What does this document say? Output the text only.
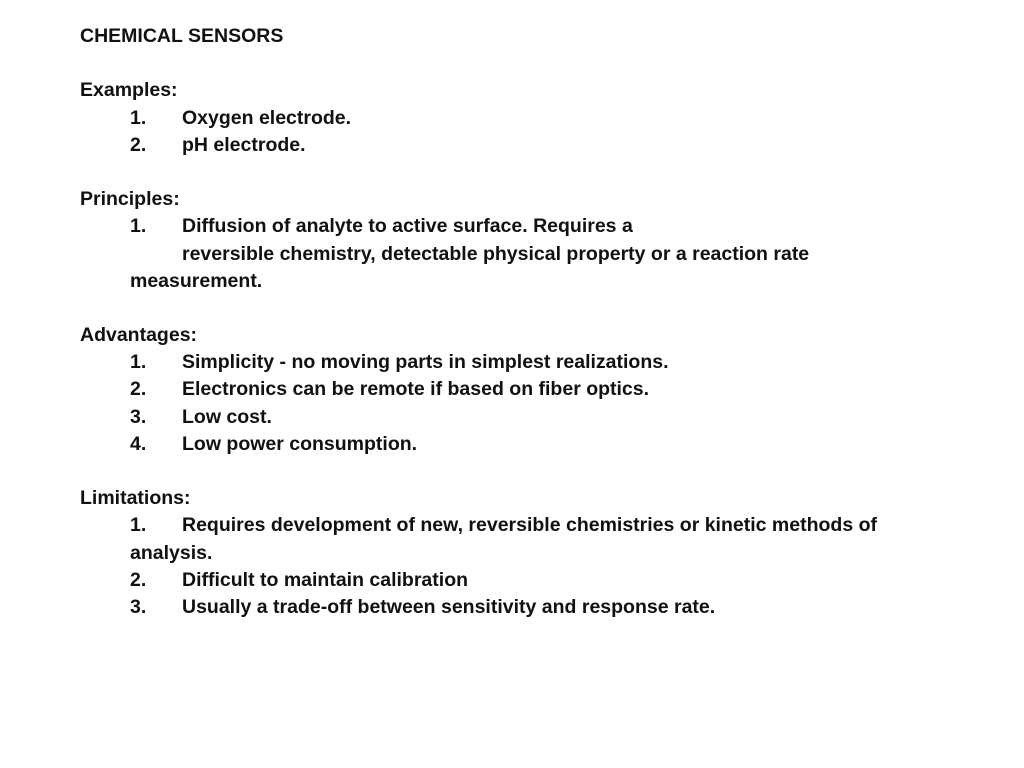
CHEMICAL SENSORS
Examples:
1. Oxygen electrode.
2. pH electrode.
Principles:
1. Diffusion of analyte to active surface. Requires a
reversible chemistry, detectable physical property or a reaction rate
measurement.
Advantages:
1. Simplicity - no moving parts in simplest realizations.
2. Electronics can be remote if based on fiber optics.
3. Low cost.
4. Low power consumption.
Limitations:
1. Requires development of new, reversible chemistries or kinetic methods of
analysis.
2. Difficult to maintain calibration
3. Usually a trade-off between sensitivity and response rate.
